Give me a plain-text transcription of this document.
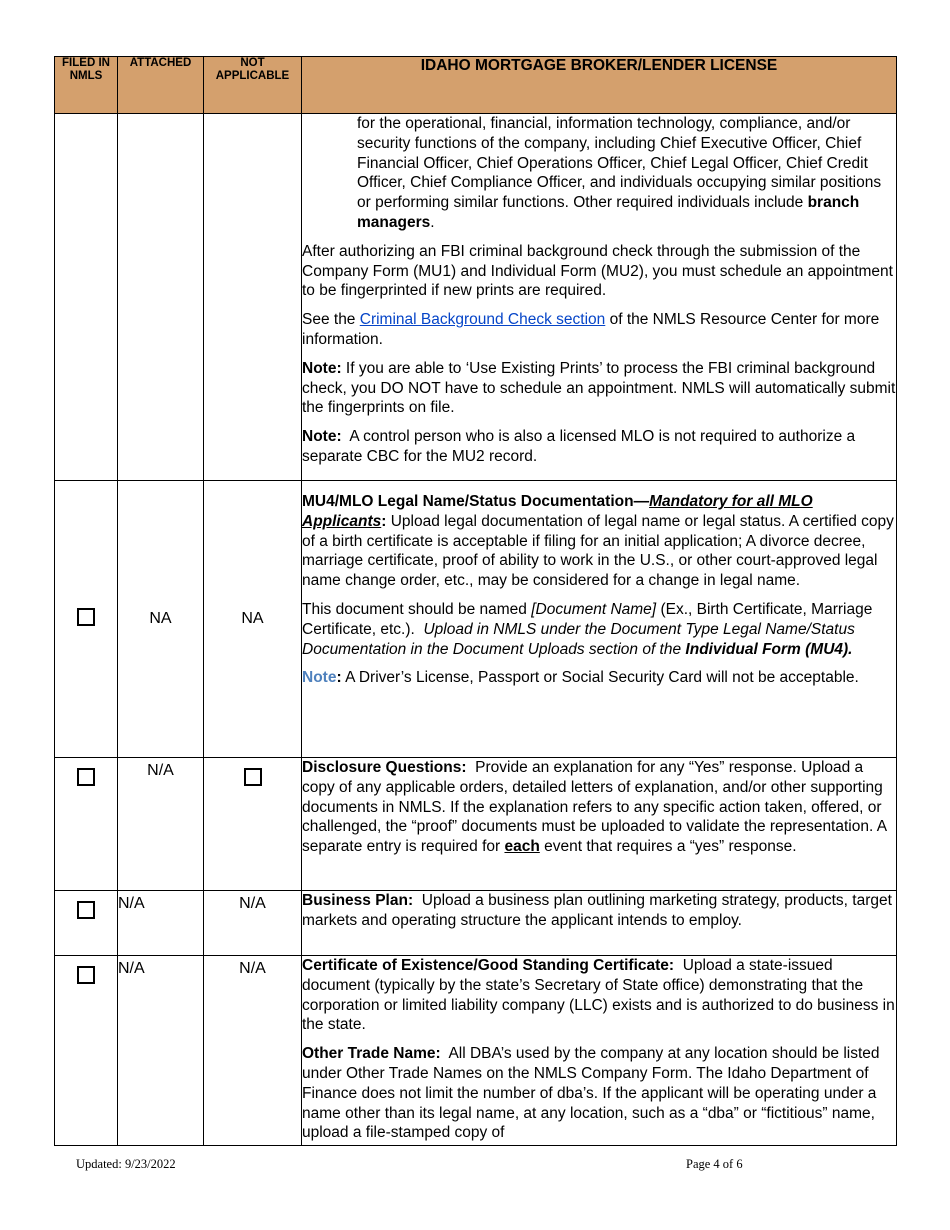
FILED IN NMLS	ATTACHED	NOT APPLICABLE	IDAHO MORTGAGE BROKER/LENDER LICENSE

			for the operational, financial, information technology, compliance, and/or security functions of the company, including Chief Executive Officer, Chief Financial Officer, Chief Operations Officer, Chief Legal Officer, Chief Credit Officer, Chief Compliance Officer, and individuals occupying similar positions or performing similar functions. Other required individuals include branch managers.

After authorizing an FBI criminal background check through the submission of the Company Form (MU1) and Individual Form (MU2), you must schedule an appointment to be fingerprinted if new prints are required.

See the Criminal Background Check section of the NMLS Resource Center for more information.

Note: If you are able to ‘Use Existing Prints’ to process the FBI criminal background check, you DO NOT have to schedule an appointment. NMLS will automatically submit the fingerprints on file.

Note: A control person who is also a licensed MLO is not required to authorize a separate CBC for the MU2 record.

	NA	NA	MU4/MLO Legal Name/Status Documentation—Mandatory for all MLO Applicants: Upload legal documentation of legal name or legal status. A certified copy of a birth certificate is acceptable if filing for an initial application; A divorce decree, marriage certificate, proof of ability to work in the U.S., or other court-approved legal name change order, etc., may be considered for a change in legal name.

This document should be named [Document Name] (Ex., Birth Certificate, Marriage Certificate, etc.). Upload in NMLS under the Document Type Legal Name/Status Documentation in the Document Uploads section of the Individual Form (MU4).

Note: A Driver’s License, Passport or Social Security Card will not be acceptable.

	N/A		Disclosure Questions: Provide an explanation for any “Yes” response. Upload a copy of any applicable orders, detailed letters of explanation, and/or other supporting documents in NMLS. If the explanation refers to any specific action taken, offered, or challenged, the “proof” documents must be uploaded to validate the representation. A separate entry is required for each event that requires a “yes” response.

	N/A	N/A	Business Plan: Upload a business plan outlining marketing strategy, products, target markets and operating structure the applicant intends to employ.

	N/A	N/A	Certificate of Existence/Good Standing Certificate: Upload a state-issued document (typically by the state’s Secretary of State office) demonstrating that the corporation or limited liability company (LLC) exists and is authorized to do business in the state.

Other Trade Name: All DBA’s used by the company at any location should be listed under Other Trade Names on the NMLS Company Form. The Idaho Department of Finance does not limit the number of dba’s. If the applicant will be operating under a name other than its legal name, at any location, such as a “dba” or “fictitious” name, upload a file-stamped copy of

Updated: 9/23/2022	Page 4 of 6
